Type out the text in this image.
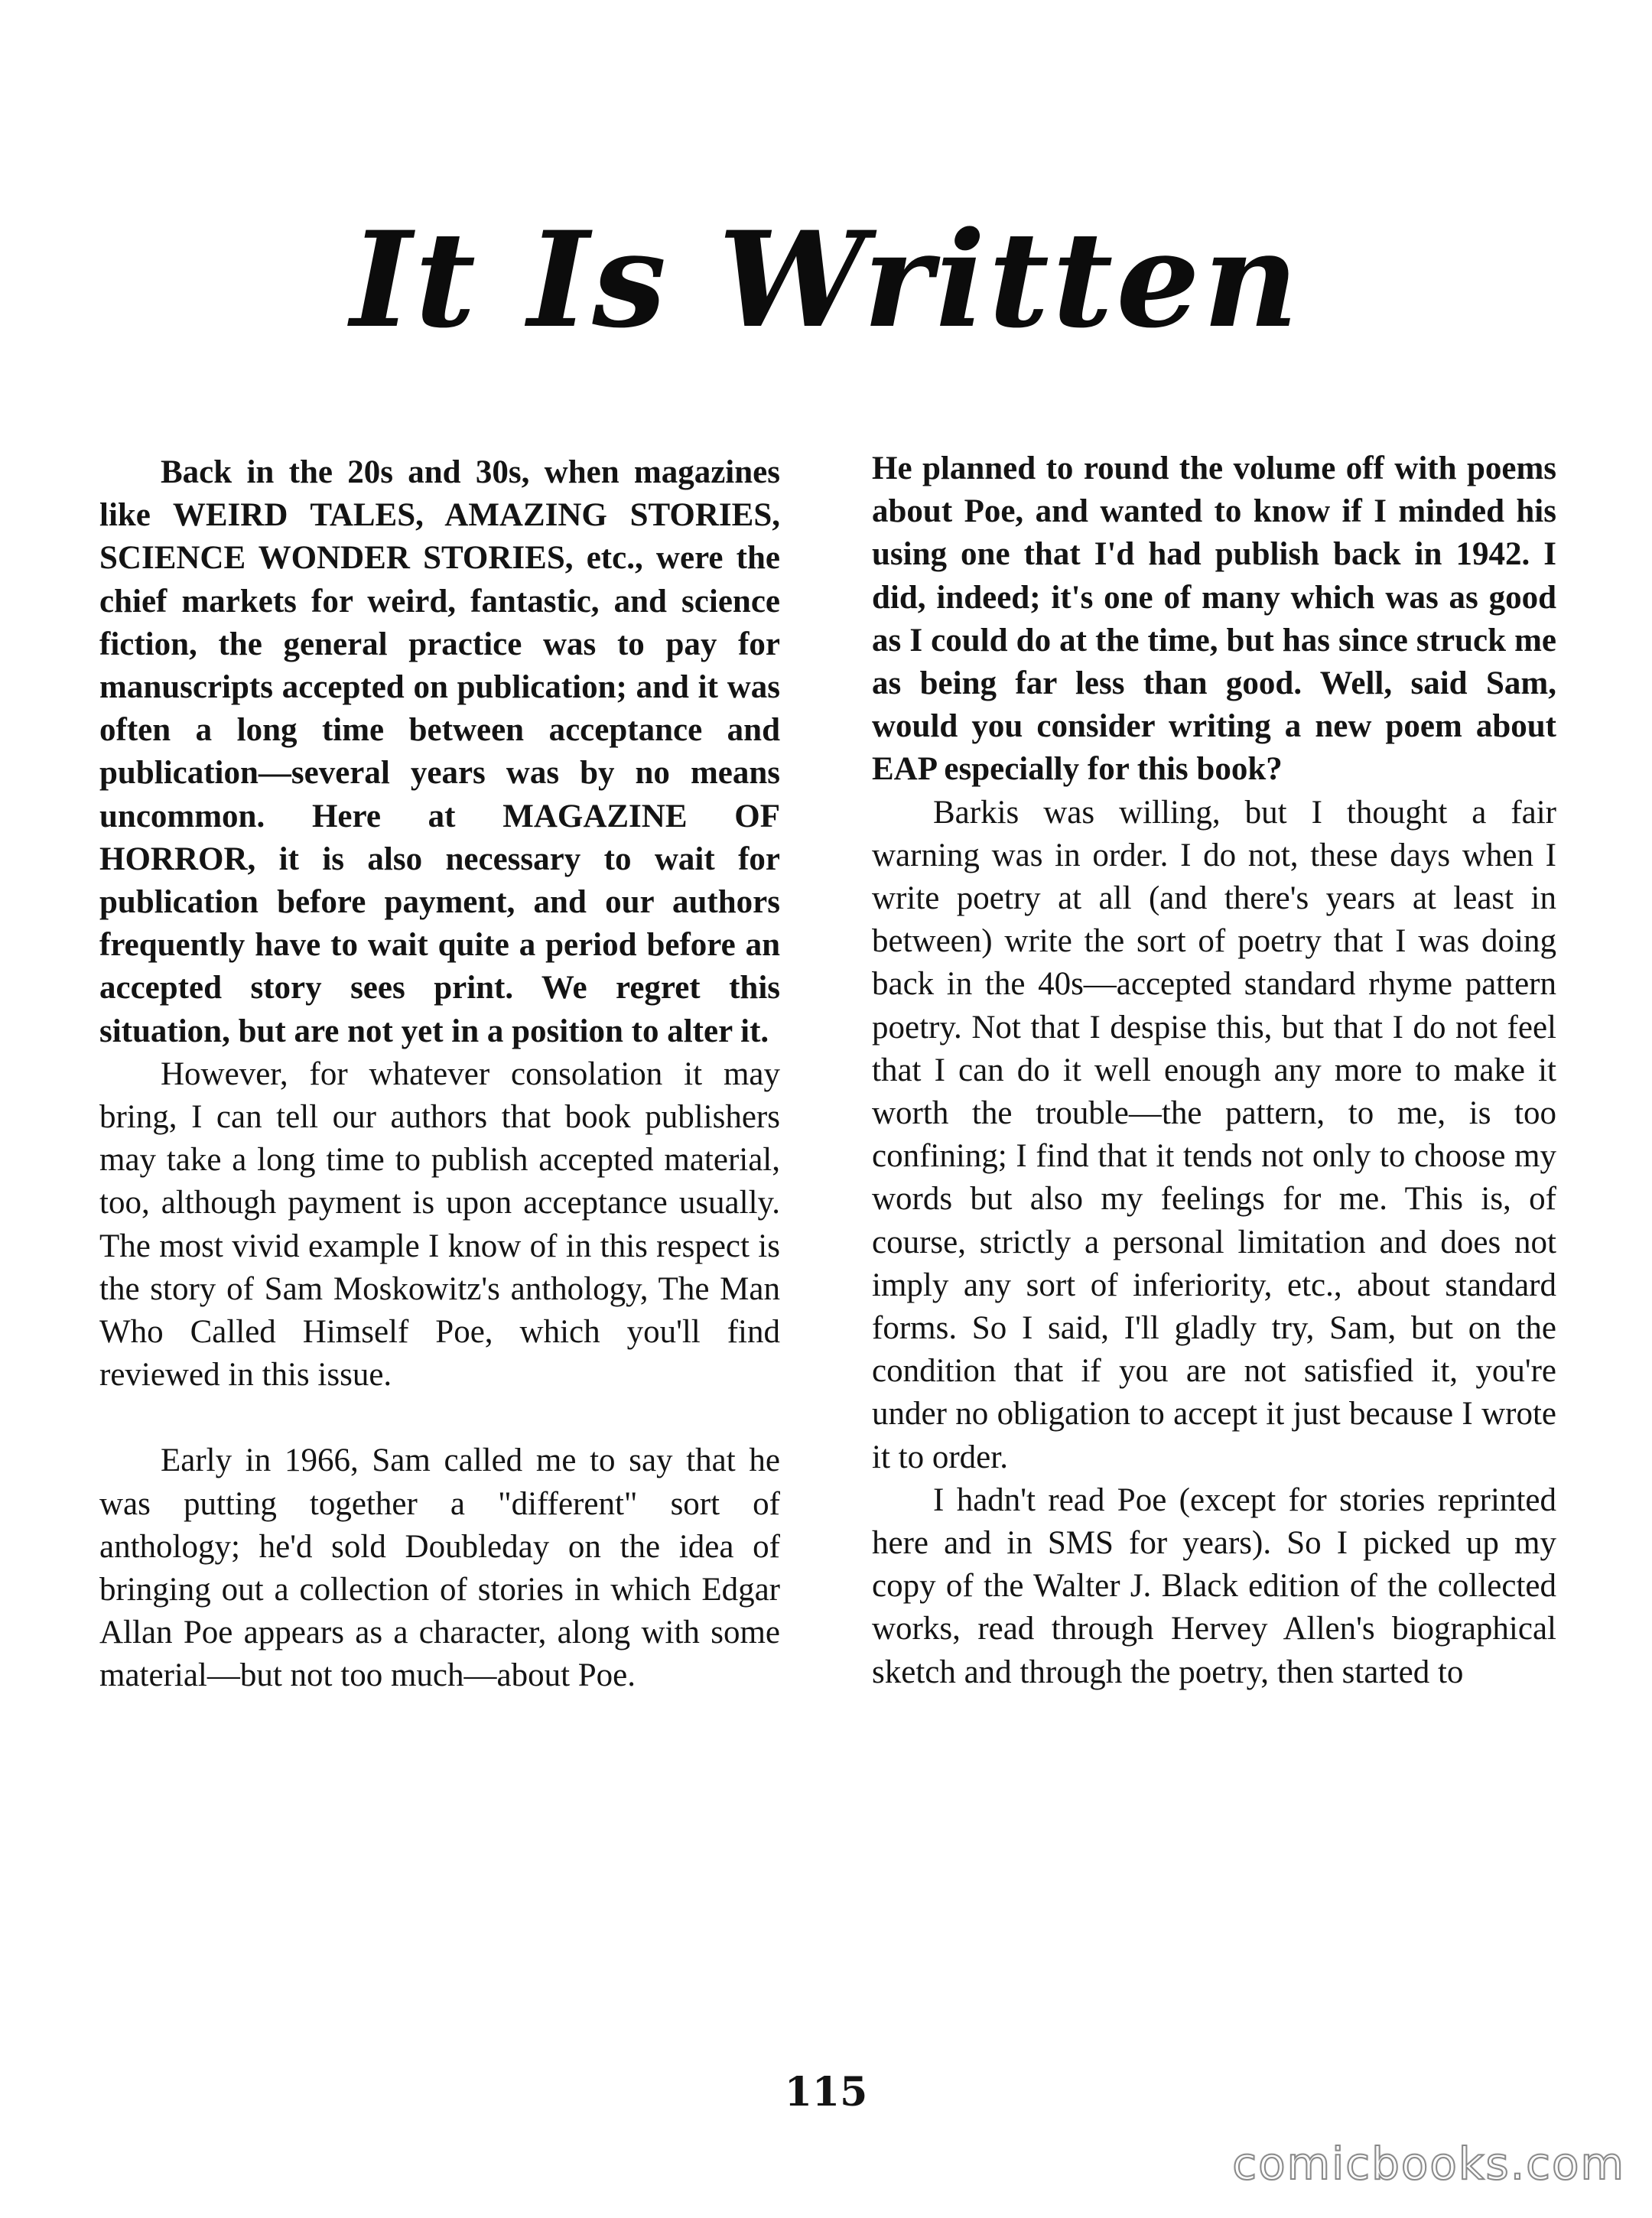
It Is Written

Back in the 20s and 30s, when magazines like WEIRD TALES, AMAZING STORIES, SCIENCE WONDER STORIES, etc., were the chief markets for weird, fantastic, and science fiction, the general practice was to pay for manuscripts accepted on publication; and it was often a long time between acceptance and publication—several years was by no means uncommon. Here at MAGAZINE OF HORROR, it is also necessary to wait for publication before payment, and our authors frequently have to wait quite a period before an accepted story sees print. We regret this situation, but are not yet in a position to alter it.

However, for whatever consolation it may bring, I can tell our authors that book publishers may take a long time to publish accepted material, too, although payment is upon acceptance usually. The most vivid example I know of in this respect is the story of Sam Moskowitz's anthology, The Man Who Called Himself Poe, which you'll find reviewed in this issue.

Early in 1966, Sam called me to say that he was putting together a "different" sort of anthology; he'd sold Doubleday on the idea of bringing out a collection of stories in which Edgar Allan Poe appears as a character, along with some material—but not too much—about Poe.

He planned to round the volume off with poems about Poe, and wanted to know if I minded his using one that I'd had publish back in 1942. I did, indeed; it's one of many which was as good as I could do at the time, but has since struck me as being far less than good. Well, said Sam, would you consider writing a new poem about EAP especially for this book?

Barkis was willing, but I thought a fair warning was in order. I do not, these days when I write poetry at all (and there's years at least in between) write the sort of poetry that I was doing back in the 40s—accepted standard rhyme pattern poetry. Not that I despise this, but that I do not feel that I can do it well enough any more to make it worth the trouble—the pattern, to me, is too confining; I find that it tends not only to choose my words but also my feelings for me. This is, of course, strictly a personal limitation and does not imply any sort of inferiority, etc., about standard forms. So I said, I'll gladly try, Sam, but on the condition that if you are not satisfied it, you're under no obligation to accept it just because I wrote it to order.

I hadn't read Poe (except for stories reprinted here and in SMS for years). So I picked up my copy of the Walter J. Black edition of the collected works, read through Hervey Allen's biographical sketch and through the poetry, then started to

115
comicbooks.com
